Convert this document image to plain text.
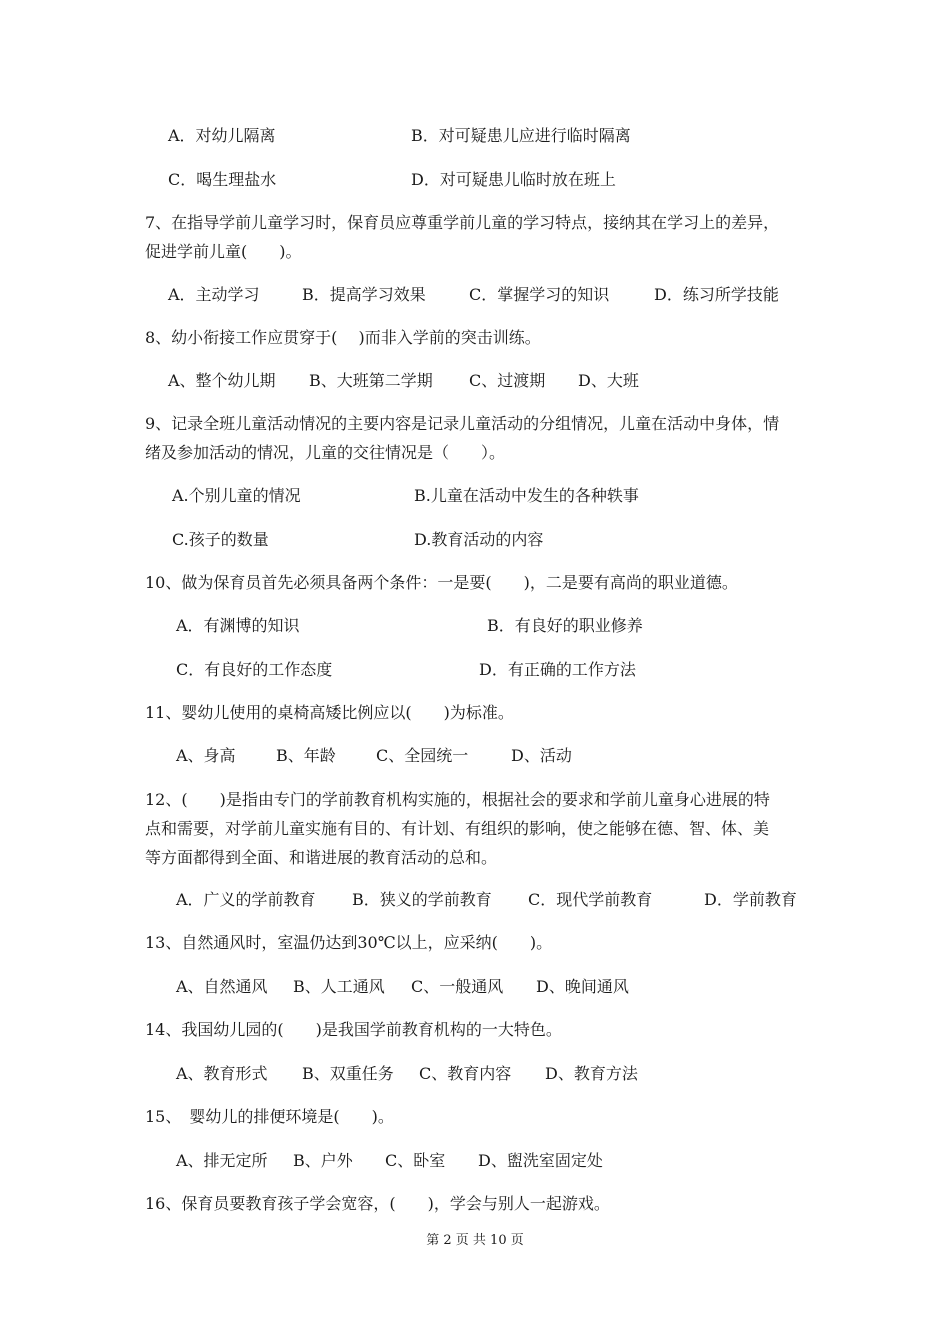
A．对幼儿隔离	B．对可疑患儿应进行临时隔离
C．喝生理盐水	D．对可疑患儿临时放在班上
7、在指导学前儿童学习时，保育员应尊重学前儿童的学习特点，接纳其在学习上的差异，
促进学前儿童(　　)。
A．主动学习	B．提高学习效果	C．掌握学习的知识	D．练习所学技能
8、幼小衔接工作应贯穿于(　 )而非入学前的突击训练。
A、整个幼儿期 B、大班第二学期 C、过渡期 D、大班
9、记录全班儿童活动情况的主要内容是记录儿童活动的分组情况，儿童在活动中身体，情
绪及参加活动的情况，儿童的交往情况是（　　）。
A.个别儿童的情况	B.儿童在活动中发生的各种轶事
C.孩子的数量	D.教育活动的内容
10、做为保育员首先必须具备两个条件：一是要(　　)，二是要有高尚的职业道德。
A．有渊博的知识	B．有良好的职业修养
C．有良好的工作态度	D．有正确的工作方法
11、婴幼儿使用的桌椅高矮比例应以(　　)为标准。
A、身高	B、年龄	C、全园统一	D、活动
12、(　　)是指由专门的学前教育机构实施的，根据社会的要求和学前儿童身心进展的特
点和需要，对学前儿童实施有目的、有计划、有组织的影响，使之能够在德、智、体、美
等方面都得到全面、和谐进展的教育活动的总和。
A．广义的学前教育 B．狭义的学前教育 C．现代学前教育	D．学前教育
13、自然通风时，室温仍达到30℃以上，应采纳(　　)。
A、自然通风 B、人工通风 C、一般通风 D、晚间通风
14、我国幼儿园的(　　)是我国学前教育机构的一大特色。
A、教育形式 B、双重任务 C、教育内容 D、教育方法
15、　婴幼儿的排便环境是(　　)。
A、排无定所 B、户外 C、卧室 D、盥洗室固定处
16、保育员要教育孩子学会宽容，(　　)，学会与别人一起游戏。
第 2 页 共 10 页
